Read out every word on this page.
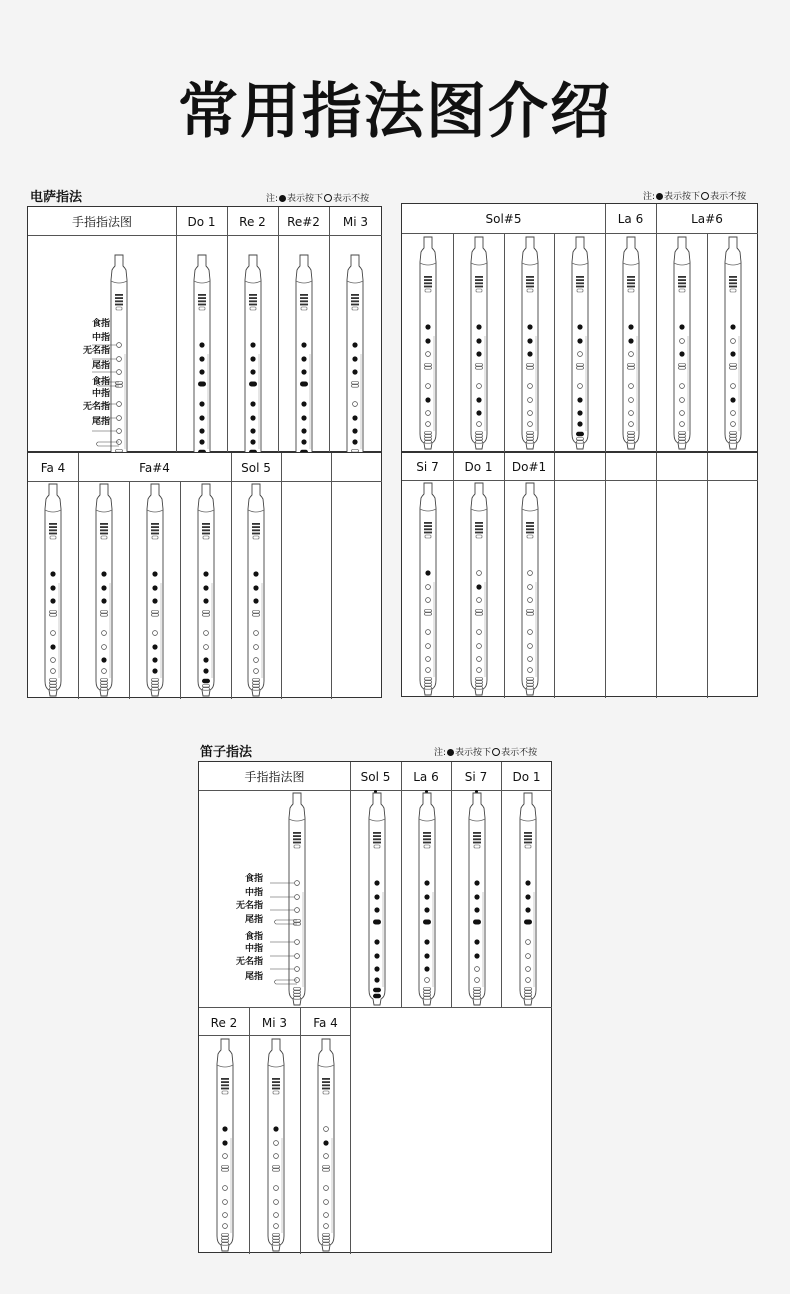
常用指法图介绍
电萨指法	注: 表示按下 表示不按	注: 表示按下 表示不按
手指指法图	Do 1	Re 2	Re#2	Mi 3
食指
中指
无名指
尾指
食指
中指
无名指
尾指
Fa 4	Fa#4	Sol 5
Sol#5	La 6	La#6
Si 7	Do 1	Do#1
笛子指法	注: 表示按下 表示不按
手指指法图	Sol 5	La 6	Si 7	Do 1
食指
中指
无名指
尾指
食指
中指
无名指
尾指
Re 2	Mi 3	Fa 4
